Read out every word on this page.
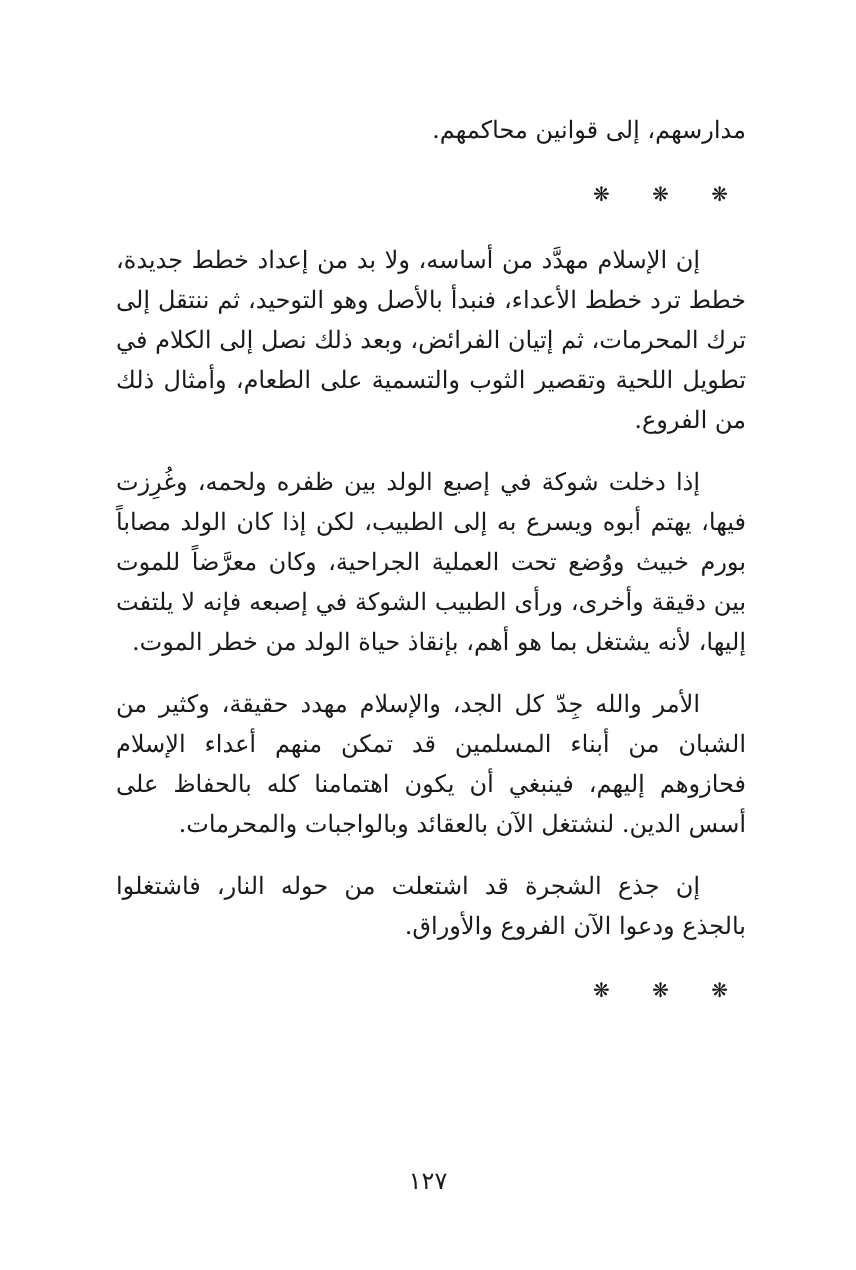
مدارسهم، إلى قوانين محاكمهم.

❋ ❋ ❋

إن الإسلام مهدَّد من أساسه، ولا بد من إعداد خطط جديدة، خطط ترد خطط الأعداء، فنبدأ بالأصل وهو التوحيد، ثم ننتقل إلى ترك المحرمات، ثم إتيان الفرائض، وبعد ذلك نصل إلى الكلام في تطويل اللحية وتقصير الثوب والتسمية على الطعام، وأمثال ذلك من الفروع.

إذا دخلت شوكة في إصبع الولد بين ظفره ولحمه، وغُرِزت فيها، يهتم أبوه ويسرع به إلى الطبيب، لكن إذا كان الولد مصاباً بورم خبيث ووُضع تحت العملية الجراحية، وكان معرَّضاً للموت بين دقيقة وأخرى، ورأى الطبيب الشوكة في إصبعه فإنه لا يلتفت إليها، لأنه يشتغل بما هو أهم، بإنقاذ حياة الولد من خطر الموت.

الأمر والله جِدّ كل الجد، والإسلام مهدد حقيقة، وكثير من الشبان من أبناء المسلمين قد تمكن منهم أعداء الإسلام فحازوهم إليهم، فينبغي أن يكون اهتمامنا كله بالحفاظ على أسس الدين. لنشتغل الآن بالعقائد وبالواجبات والمحرمات.

إن جذع الشجرة قد اشتعلت من حوله النار، فاشتغلوا بالجذع ودعوا الآن الفروع والأوراق.

❋ ❋ ❋
١٢٧
